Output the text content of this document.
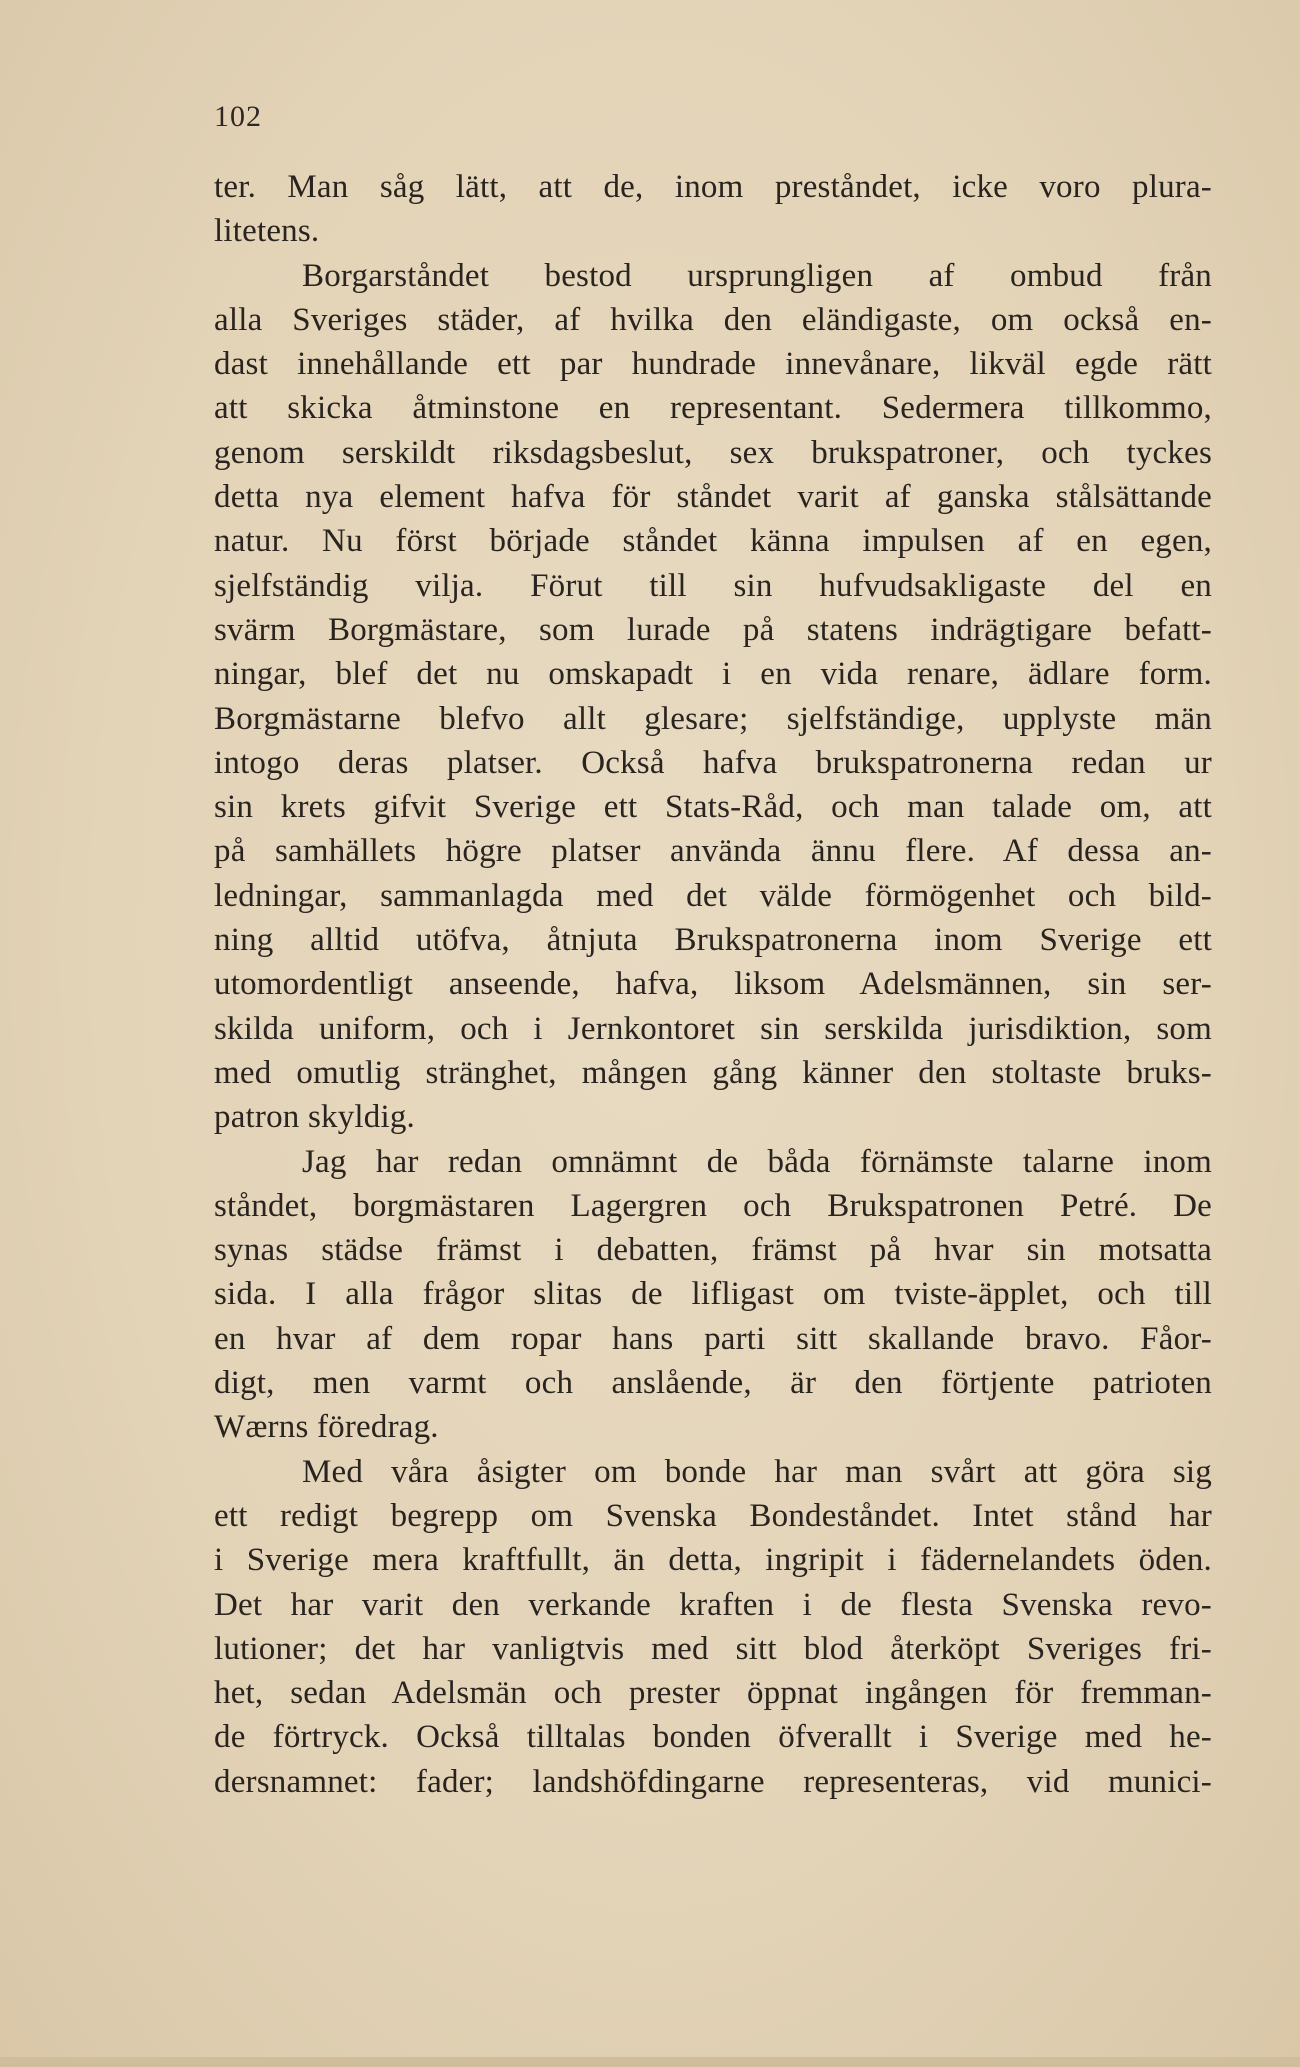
102
ter. Man såg lätt, att de, inom preståndet, icke voro plura-
litetens.
Borgarståndet bestod ursprungligen af ombud från
alla Sveriges städer, af hvilka den eländigaste, om också en-
dast innehållande ett par hundrade innevånare, likväl egde rätt
att skicka åtminstone en representant. Sedermera tillkommo,
genom serskildt riksdagsbeslut, sex brukspatroner, och tyckes
detta nya element hafva för ståndet varit af ganska stålsättande
natur. Nu först började ståndet känna impulsen af en egen,
sjelfständig vilja. Förut till sin hufvudsakligaste del en
svärm Borgmästare, som lurade på statens indrägtigare befatt-
ningar, blef det nu omskapadt i en vida renare, ädlare form.
Borgmästarne blefvo allt glesare; sjelfständige, upplyste män
intogo deras platser. Också hafva brukspatronerna redan ur
sin krets gifvit Sverige ett Stats-Råd, och man talade om, att
på samhällets högre platser använda ännu flere. Af dessa an-
ledningar, sammanlagda med det välde förmögenhet och bild-
ning alltid utöfva, åtnjuta Brukspatronerna inom Sverige ett
utomordentligt anseende, hafva, liksom Adelsmännen, sin ser-
skilda uniform, och i Jernkontoret sin serskilda jurisdiktion, som
med omutlig stränghet, mången gång känner den stoltaste bruks-
patron skyldig.
Jag har redan omnämnt de båda förnämste talarne inom
ståndet, borgmästaren Lagergren och Brukspatronen Petré. De
synas städse främst i debatten, främst på hvar sin motsatta
sida. I alla frågor slitas de lifligast om tviste-äpplet, och till
en hvar af dem ropar hans parti sitt skallande bravo. Fåor-
digt, men varmt och anslående, är den förtjente patrioten
Wærns föredrag.
Med våra åsigter om bonde har man svårt att göra sig
ett redigt begrepp om Svenska Bondeståndet. Intet stånd har
i Sverige mera kraftfullt, än detta, ingripit i fädernelandets öden.
Det har varit den verkande kraften i de flesta Svenska revo-
lutioner; det har vanligtvis med sitt blod återköpt Sveriges fri-
het, sedan Adelsmän och prester öppnat ingången för fremman-
de förtryck. Också tilltalas bonden öfverallt i Sverige med he-
dersnamnet: fader; landshöfdingarne representeras, vid munici-
